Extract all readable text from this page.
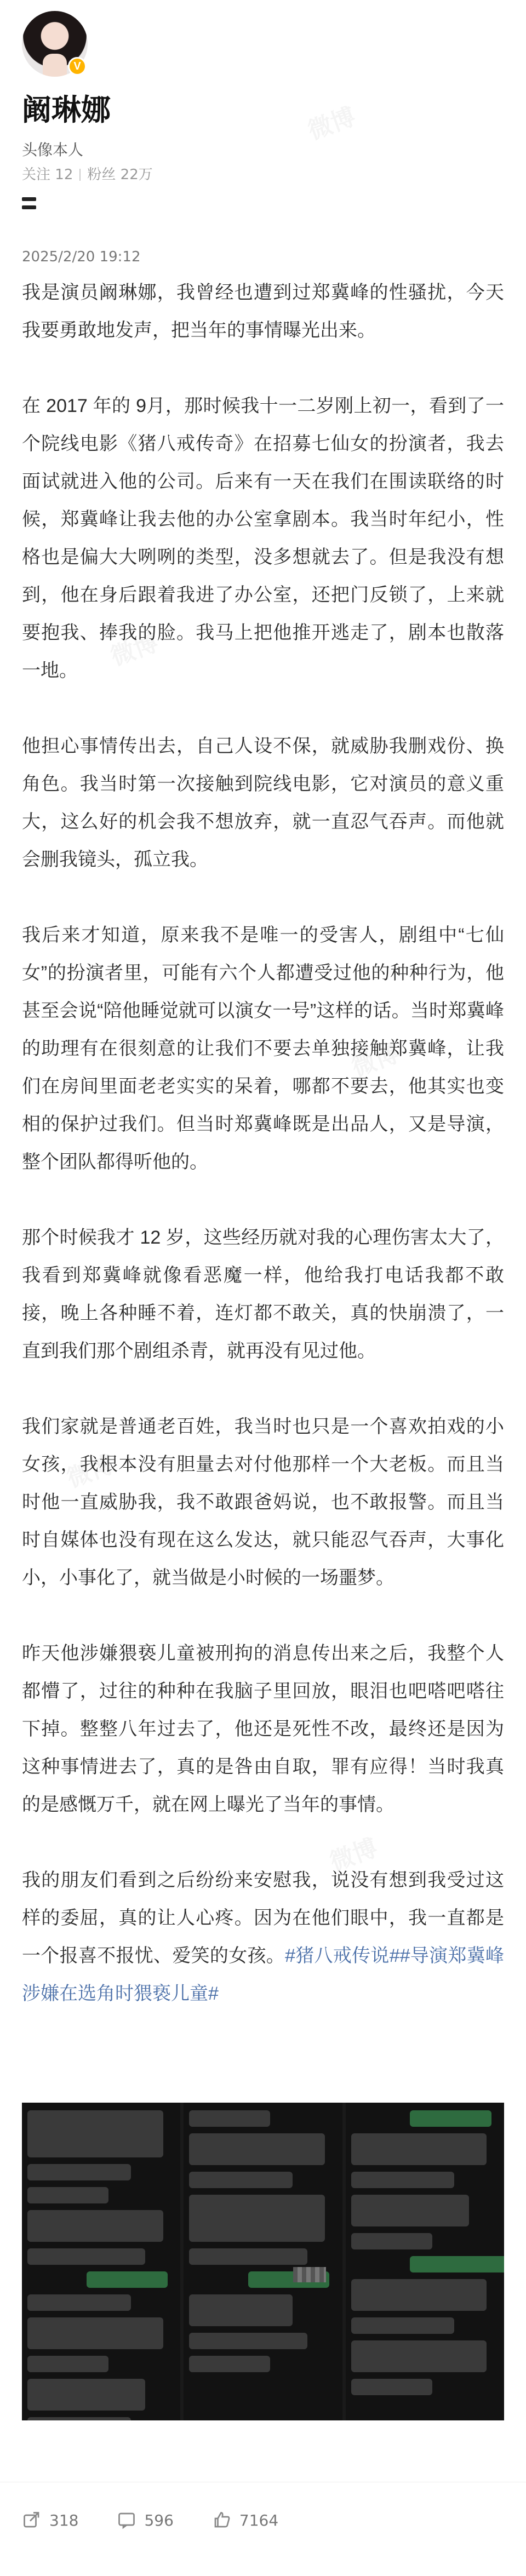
V
阚琳娜
头像本人
关注 12 粉丝 22万
2025/2/20 19:12

我是演员阚琳娜，我曾经也遭到过郑冀峰的性骚扰，今天我要勇敢地发声，把当年的事情曝光出来。

在 2017 年的 9月，那时候我十一二岁刚上初一，看到了一个院线电影《猪八戒传奇》在招募七仙女的扮演者，我去面试就进入他的公司。后来有一天在我们在围读联络的时候，郑冀峰让我去他的办公室拿剧本。我当时年纪小，性格也是偏大大咧咧的类型，没多想就去了。但是我没有想到，他在身后跟着我进了办公室，还把门反锁了，上来就要抱我、捧我的脸。我马上把他推开逃走了，剧本也散落一地。

他担心事情传出去，自己人设不保，就威胁我删戏份、换角色。我当时第一次接触到院线电影，它对演员的意义重大，这么好的机会我不想放弃，就一直忍气吞声。而他就会删我镜头，孤立我。

我后来才知道，原来我不是唯一的受害人，剧组中“七仙女”的扮演者里，可能有六个人都遭受过他的种种行为，他甚至会说“陪他睡觉就可以演女一号”这样的话。当时郑冀峰的助理有在很刻意的让我们不要去单独接触郑冀峰，让我们在房间里面老老实实的呆着，哪都不要去，他其实也变相的保护过我们。但当时郑冀峰既是出品人，又是导演，整个团队都得听他的。

那个时候我才 12 岁，这些经历就对我的心理伤害太大了，我看到郑冀峰就像看恶魔一样，他给我打电话我都不敢接，晚上各种睡不着，连灯都不敢关，真的快崩溃了，一直到我们那个剧组杀青，就再没有见过他。

我们家就是普通老百姓，我当时也只是一个喜欢拍戏的小女孩，我根本没有胆量去对付他那样一个大老板。而且当时他一直威胁我，我不敢跟爸妈说，也不敢报警。而且当时自媒体也没有现在这么发达，就只能忍气吞声，大事化小，小事化了，就当做是小时候的一场噩梦。

昨天他涉嫌猥亵儿童被刑拘的消息传出来之后，我整个人都懵了，过往的种种在我脑子里回放，眼泪也吧嗒吧嗒往下掉。整整八年过去了，他还是死性不改，最终还是因为这种事情进去了，真的是咎由自取，罪有应得！当时我真的是感慨万千，就在网上曝光了当年的事情。

我的朋友们看到之后纷纷来安慰我，说没有想到我受过这样的委屈，真的让人心疼。因为在他们眼中，我一直都是一个报喜不报忧、爱笑的女孩。#猪八戒传说##导演郑冀峰涉嫌在选角时猥亵儿童#

318	596	7164
